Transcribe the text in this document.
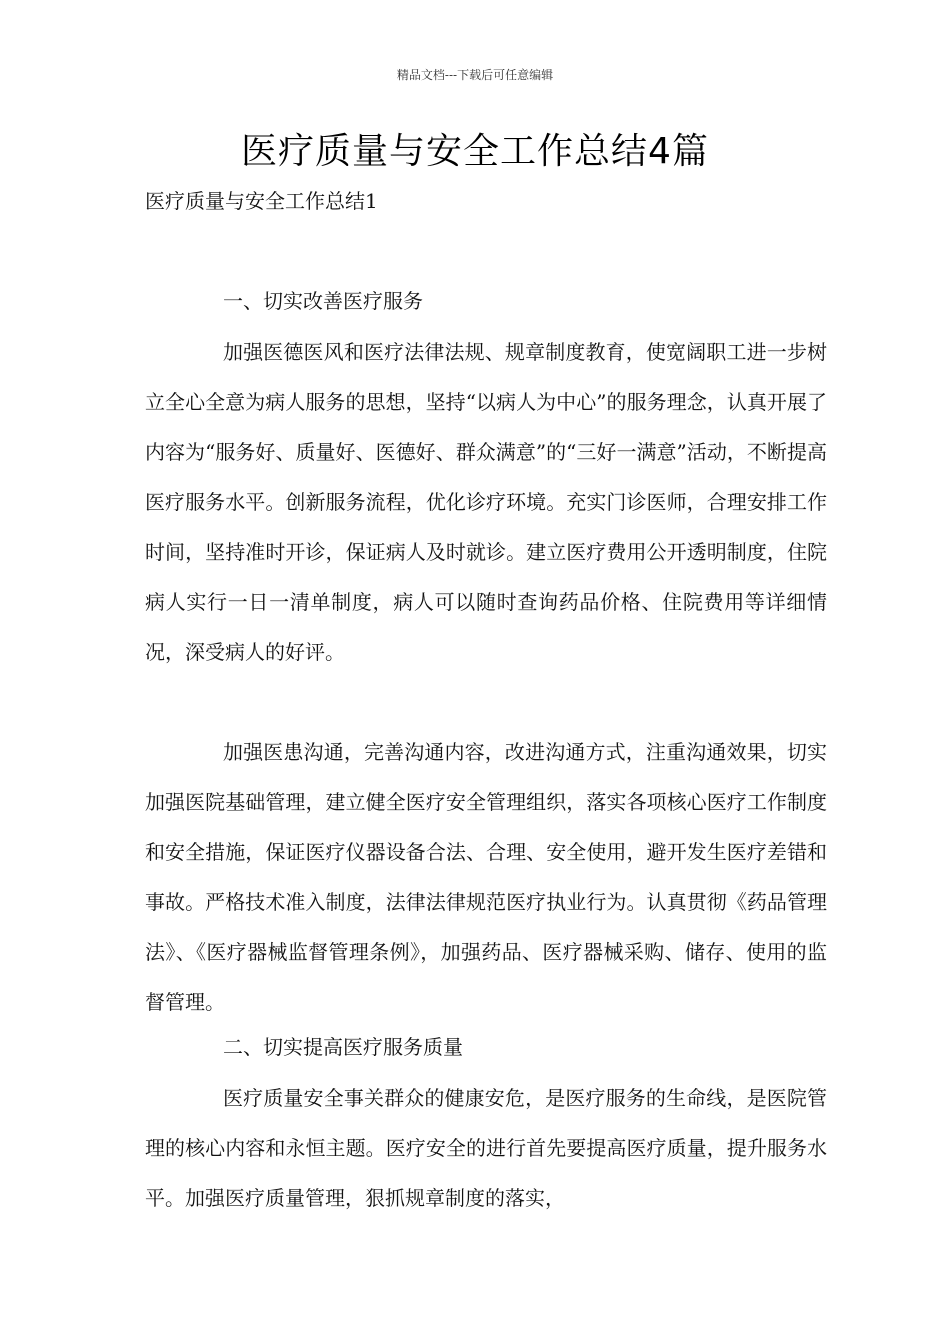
精品文档---下载后可任意编辑
医疗质量与安全工作总结4篇
医疗质量与安全工作总结1
一、切实改善医疗服务
加强医德医风和医疗法律法规、规章制度教育，使宽阔职工进一步树立全心全意为病人服务的思想，坚持“以病人为中心”的服务理念，认真开展了内容为“服务好、质量好、医德好、群众满意”的“三好一满意”活动，不断提高医疗服务水平。创新服务流程，优化诊疗环境。充实门诊医师，合理安排工作时间，坚持准时开诊，保证病人及时就诊。建立医疗费用公开透明制度，住院病人实行一日一清单制度，病人可以随时查询药品价格、住院费用等详细情况，深受病人的好评。
加强医患沟通，完善沟通内容，改进沟通方式，注重沟通效果，切实加强医院基础管理，建立健全医疗安全管理组织，落实各项核心医疗工作制度和安全措施，保证医疗仪器设备合法、合理、安全使用，避开发生医疗差错和事故。严格技术准入制度，法律法律规范医疗执业行为。认真贯彻《药品管理法》、《医疗器械监督管理条例》，加强药品、医疗器械采购、储存、使用的监督管理。
二、切实提高医疗服务质量
医疗质量安全事关群众的健康安危，是医疗服务的生命线，是医院管理的核心内容和永恒主题。医疗安全的进行首先要提高医疗质量，提升服务水平。加强医疗质量管理，狠抓规章制度的落实，
